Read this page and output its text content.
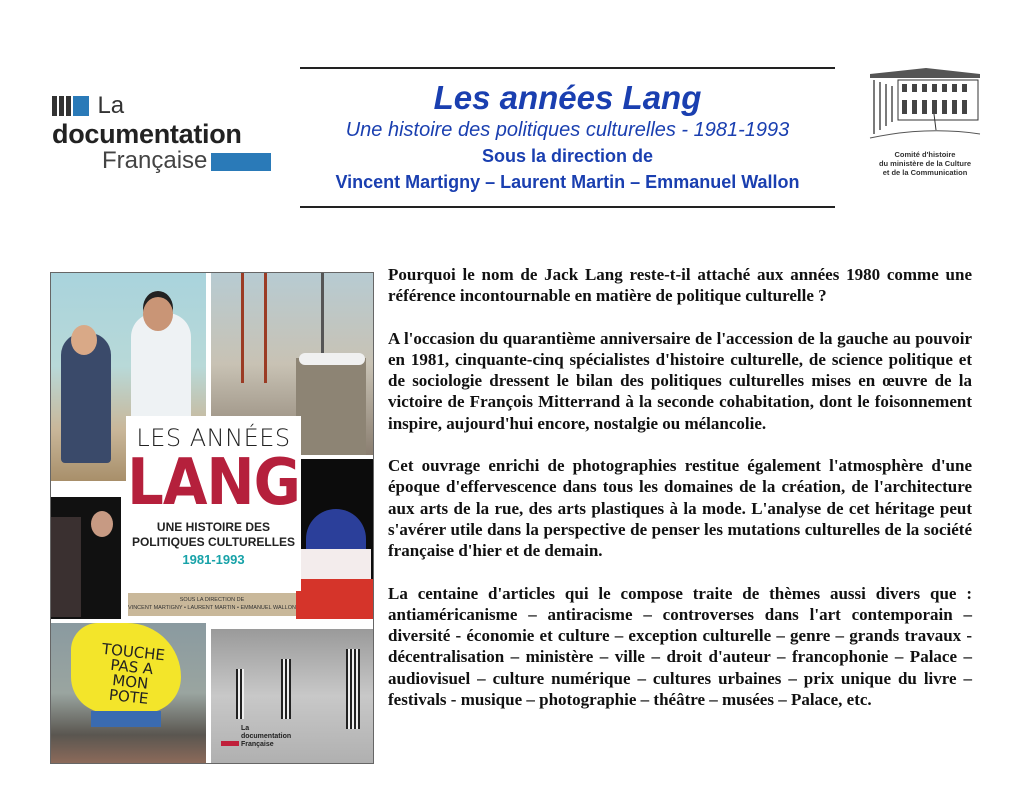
La
documentation
Française
Les années Lang
Une histoire des politiques culturelles - 1981-1993
Sous la direction de
Vincent Martigny – Laurent Martin – Emmanuel Wallon
Comité d'histoire
du ministère de la Culture
et de la Communication
TOUCHE PAS A MON POTE
LES ANNÉES
LANG
UNE HISTOIRE DES
POLITIQUES CULTURELLES
1981-1993
SOUS LA DIRECTION DE
VINCENT MARTIGNY • LAURENT MARTIN • EMMANUEL WALLON
La documentation Française

Pourquoi le nom de Jack Lang reste-t-il attaché aux années 1980 comme une référence incontournable en matière de politique culturelle ?

A l'occasion du quarantième anniversaire de l'accession de la gauche au pouvoir en 1981, cinquante-cinq spécialistes d'histoire culturelle, de science politique et de sociologie dressent le bilan des politiques culturelles mises en œuvre de la victoire de François Mitterrand à la seconde cohabitation, dont le foisonnement inspire, aujourd'hui encore, nostalgie ou mélancolie.

Cet ouvrage enrichi de photographies restitue également l'atmosphère d'une époque d'effervescence dans tous les domaines de la création, de l'architecture aux arts de la rue, des arts plastiques à la mode. L'analyse de cet héritage peut s'avérer utile dans la perspective de penser les mutations culturelles de la société française d'hier et de demain.

La centaine d'articles qui le compose traite de thèmes aussi divers que : antiaméricanisme – antiracisme – controverses dans l'art contemporain – diversité - économie et culture – exception culturelle – genre – grands travaux - décentralisation – ministère – ville – droit d'auteur – francophonie – Palace – audiovisuel – culture numérique – cultures urbaines – prix unique du livre – festivals - musique – photographie – théâtre – musées – Palace, etc.
